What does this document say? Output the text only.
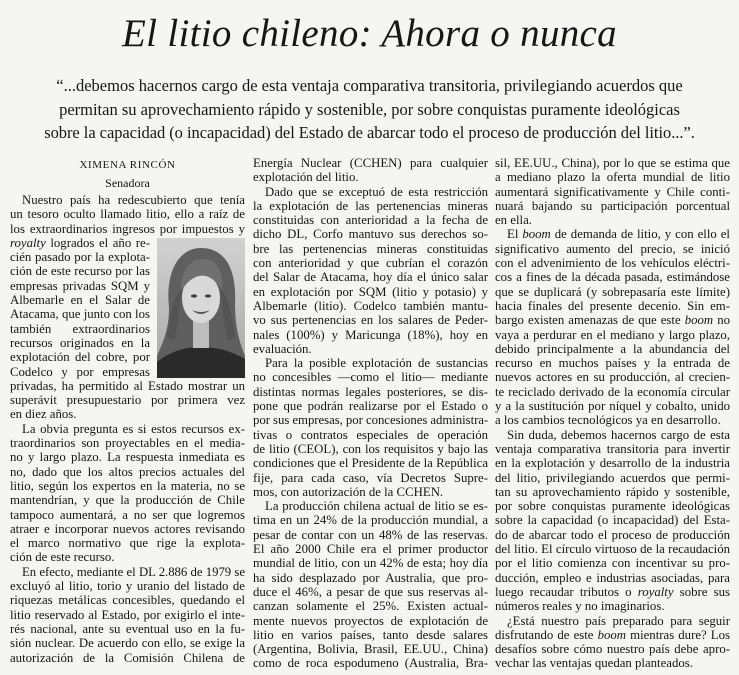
El litio chileno: Ahora o nunca
“...debemos hacernos cargo de esta ventaja comparativa transitoria, privilegiando acuerdos que
permitan su aprovechamiento rápido y sostenible, por sobre conquistas puramente ideológicas
sobre la capacidad (o incapacidad) del Estado de abarcar todo el proceso de producción del litio...”.
XIMENA RINCÓN
Senadora
Nuestro país ha redescubierto que tenía
un tesoro oculto llamado litio, ello a raíz de
los extraordinarios ingresos por impuestos y
royalty logrados el año re-
cién pasado por la explota-
ción de este recurso por las
empresas privadas SQM y
Albemarle en el Salar de
Atacama, que junto con los
también extraordinarios
recursos originados en la
explotación del cobre, por
Codelco y por empresas
privadas, ha permitido al Estado mostrar un
superávit presupuestario por primera vez
en diez años.
La obvia pregunta es si estos recursos ex-
traordinarios son proyectables en el media-
no y largo plazo. La respuesta inmediata es
no, dado que los altos precios actuales del
litio, según los expertos en la materia, no se
mantendrían, y que la producción de Chile
tampoco aumentará, a no ser que logremos
atraer e incorporar nuevos actores revisando
el marco normativo que rige la explota-
ción de este recurso.
En efecto, mediante el DL 2.886 de 1979 se
excluyó al litio, torio y uranio del listado de
riquezas metálicas concesibles, quedando el
litio reservado al Estado, por exigirlo el inte-
rés nacional, ante su eventual uso en la fu-
sión nuclear. De acuerdo con ello, se exige la
autorización de la Comisión Chilena de
Energía Nuclear (CCHEN) para cualquier
explotación del litio.
Dado que se exceptuó de esta restricción
la explotación de las pertenencias mineras
constituidas con anterioridad a la fecha de
dicho DL, Corfo mantuvo sus derechos so-
bre las pertenencias mineras constituidas
con anterioridad y que cubrían el corazón
del Salar de Atacama, hoy día el único salar
en explotación por SQM (litio y potasio) y
Albemarle (litio). Codelco también mantu-
vo sus pertenencias en los salares de Peder-
nales (100%) y Maricunga (18%), hoy en
evaluación.
Para la posible explotación de sustancias
no concesibles —como el litio— mediante
distintas normas legales posteriores, se dis-
pone que podrán realizarse por el Estado o
por sus empresas, por concesiones administra-
tivas o contratos especiales de operación
de litio (CEOL), con los requisitos y bajo las
condiciones que el Presidente de la República
fije, para cada caso, vía Decretos Supre-
mos, con autorización de la CCHEN.
La producción chilena actual de litio se es-
tima en un 24% de la producción mundial, a
pesar de contar con un 48% de las reservas.
El año 2000 Chile era el primer productor
mundial de litio, con un 42% de esta; hoy día
ha sido desplazado por Australia, que pro-
duce el 46%, a pesar de que sus reservas al-
canzan solamente el 25%. Existen actual-
mente nuevos proyectos de explotación de
litio en varios países, tanto desde salares
(Argentina, Bolivia, Brasil, EE.UU., China)
como de roca espodumeno (Australia, Bra-
sil, EE.UU., China), por lo que se estima que
a mediano plazo la oferta mundial de litio
aumentará significativamente y Chile conti-
nuará bajando su participación porcentual
en ella.
El boom de demanda de litio, y con ello el
significativo aumento del precio, se inició
con el advenimiento de los vehículos eléctri-
cos a fines de la década pasada, estimándose
que se duplicará (y sobrepasaría este límite)
hacia finales del presente decenio. Sin em-
bargo existen amenazas de que este boom no
vaya a perdurar en el mediano y largo plazo,
debido principalmente a la abundancia del
recurso en muchos países y la entrada de
nuevos actores en su producción, al crecien-
te reciclado derivado de la economía circular
y a la sustitución por níquel y cobalto, unido
a los cambios tecnológicos ya en desarrollo.
Sin duda, debemos hacernos cargo de esta
ventaja comparativa transitoria para invertir
en la explotación y desarrollo de la industria
del litio, privilegiando acuerdos que permi-
tan su aprovechamiento rápido y sostenible,
por sobre conquistas puramente ideológicas
sobre la capacidad (o incapacidad) del Esta-
do de abarcar todo el proceso de producción
del litio. El círculo virtuoso de la recaudación
por el litio comienza con incentivar su pro-
ducción, empleo e industrias asociadas, para
luego recaudar tributos o royalty sobre sus
números reales y no imaginarios.
¿Está nuestro país preparado para seguir
disfrutando de este boom mientras dure? Los
desafíos sobre cómo nuestro país debe apro-
vechar las ventajas quedan planteados.
